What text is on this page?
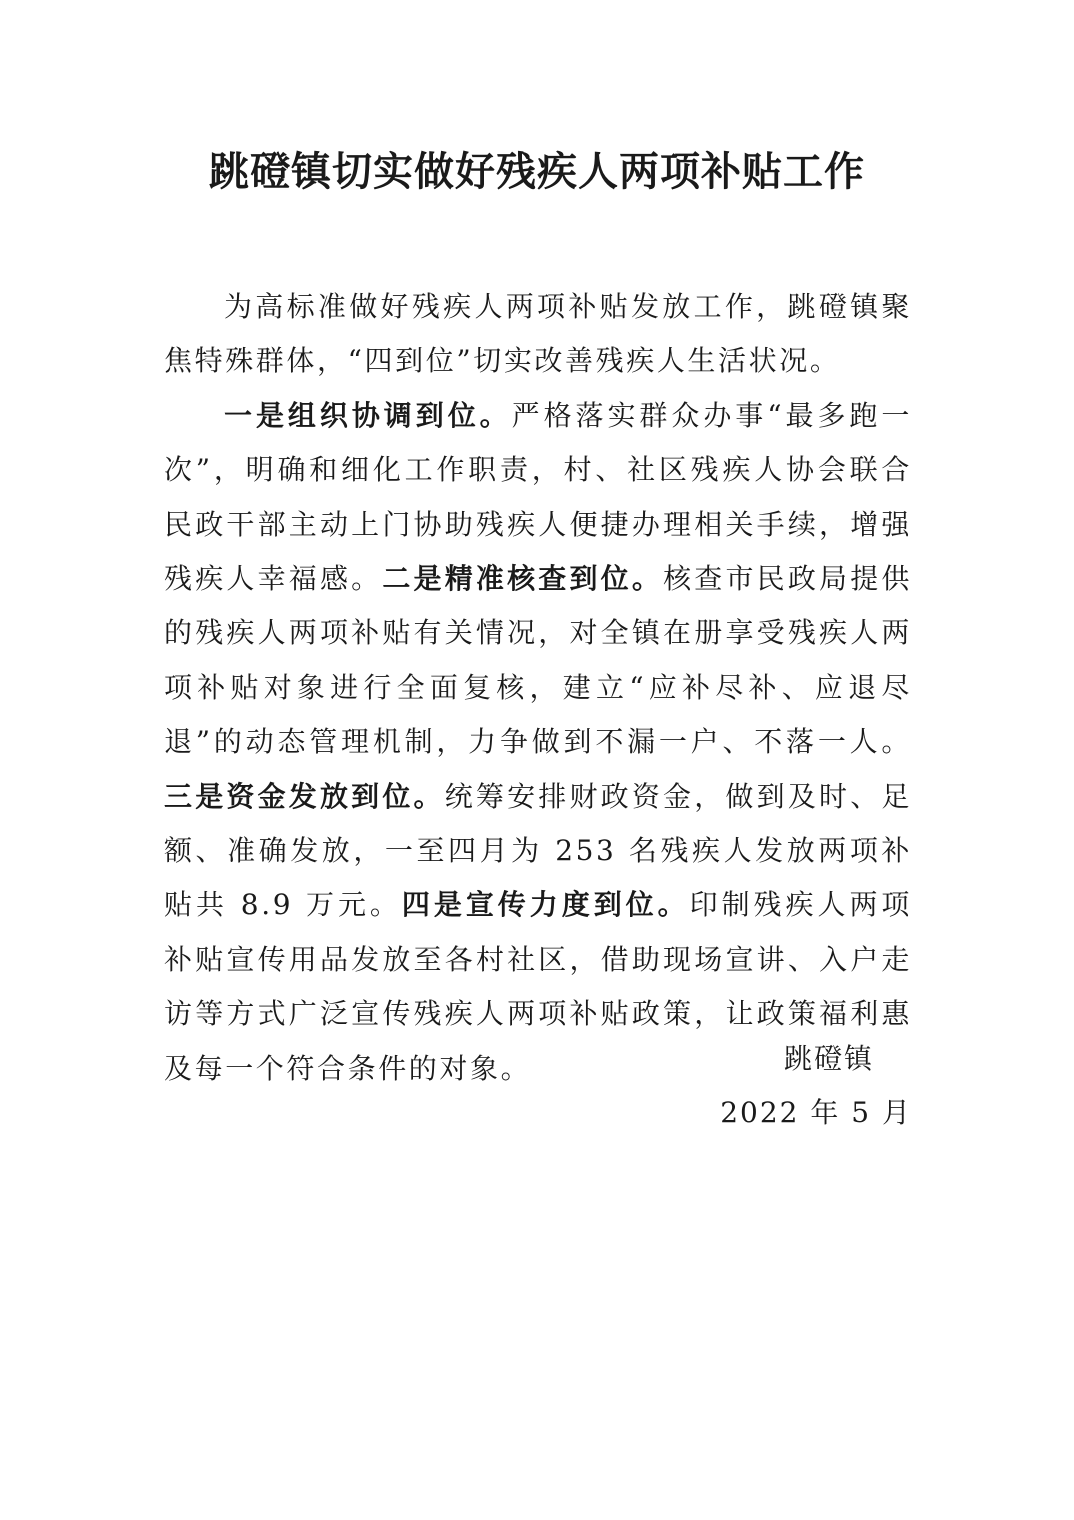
跳磴镇切实做好残疾人两项补贴工作

为高标准做好残疾人两项补贴发放工作，跳磴镇聚焦特殊群体，“四到位”切实改善残疾人生活状况。

一是组织协调到位。严格落实群众办事“最多跑一次”，明确和细化工作职责，村、社区残疾人协会联合民政干部主动上门协助残疾人便捷办理相关手续，增强残疾人幸福感。二是精准核查到位。核查市民政局提供的残疾人两项补贴有关情况，对全镇在册享受残疾人两项补贴对象进行全面复核，建立“应补尽补、应退尽退”的动态管理机制，力争做到不漏一户、不落一人。三是资金发放到位。统筹安排财政资金，做到及时、足额、准确发放，一至四月为 253 名残疾人发放两项补贴共 8.9 万元。四是宣传力度到位。印制残疾人两项补贴宣传用品发放至各村社区，借助现场宣讲、入户走访等方式广泛宣传残疾人两项补贴政策，让政策福利惠及每一个符合条件的对象。	跳磴镇
2022 年 5 月
